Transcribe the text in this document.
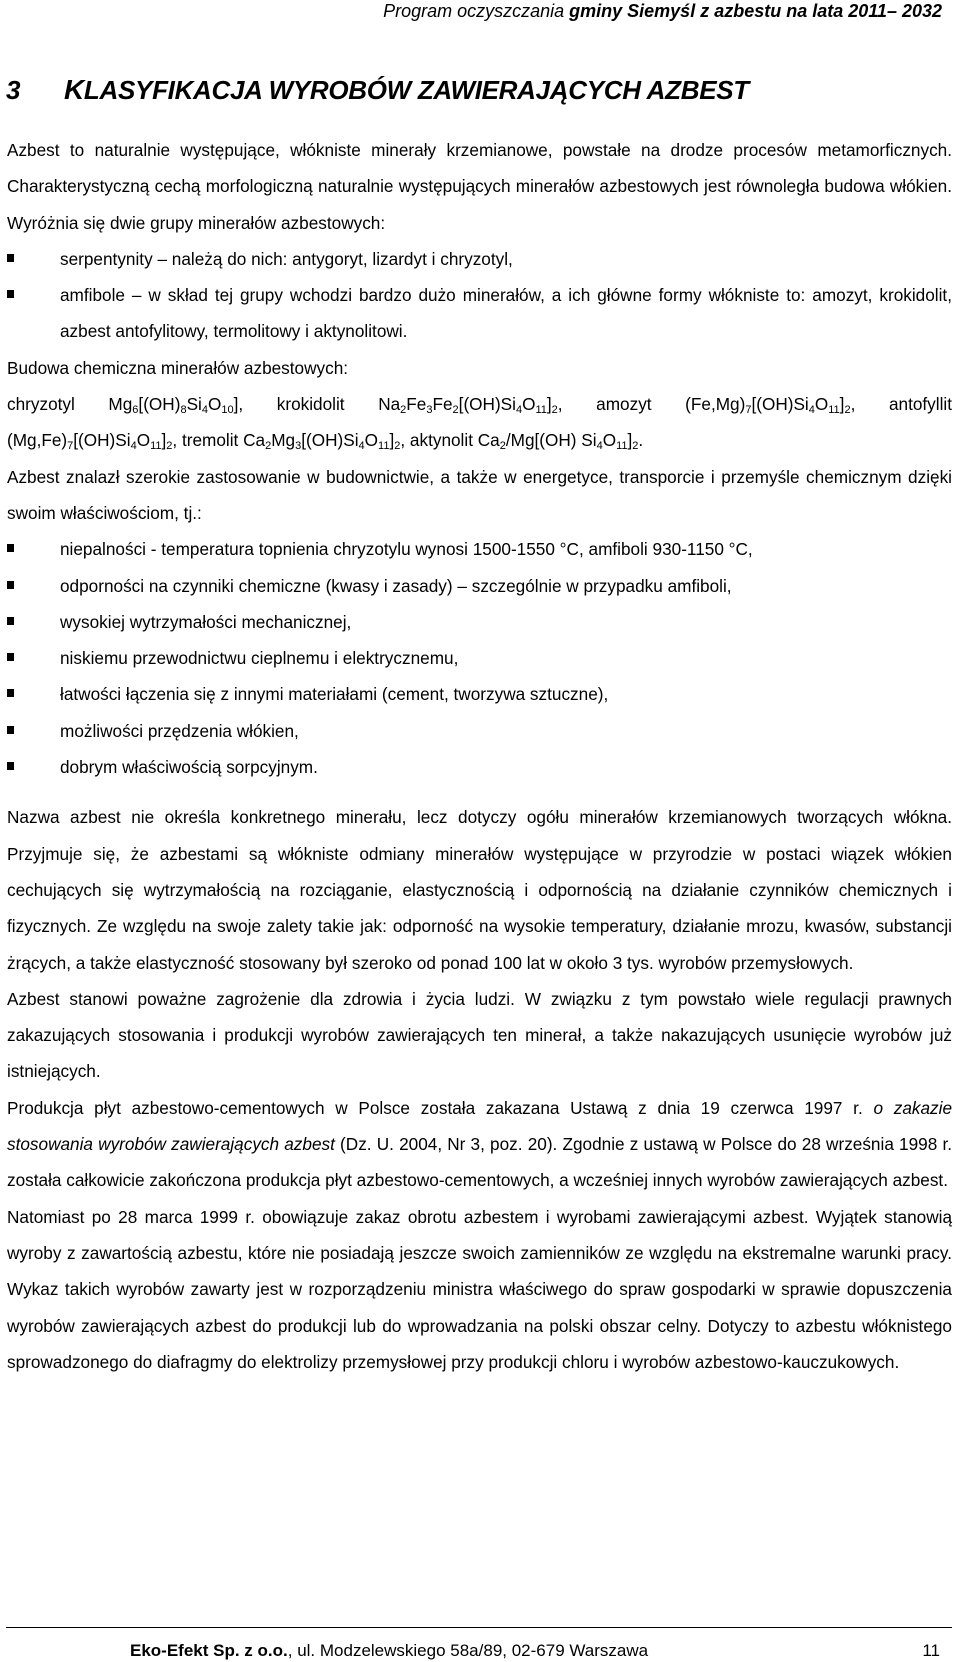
Program oczyszczania gminy Siemyśl z azbestu na lata 2011– 2032
3 KLASYFIKACJA WYROBÓW ZAWIERAJĄCYCH AZBEST

Azbest to naturalnie występujące, włókniste minerały krzemianowe, powstałe na drodze procesów metamorficznych. Charakterystyczną cechą morfologiczną naturalnie występujących minerałów azbestowych jest równoległa budowa włókien. Wyróżnia się dwie grupy minerałów azbestowych:

serpentynity – należą do nich: antygoryt, lizardyt i chryzotyl,
amfibole – w skład tej grupy wchodzi bardzo dużo minerałów, a ich główne formy włókniste to: amozyt, krokidolit, azbest antofylitowy, termolitowy i aktynolitowi.

Budowa chemiczna minerałów azbestowych:

chryzotyl $Mg_6[(OH)_8Si_4O_{10}]$, krokidolit $Na_2Fe_3Fe_2[(OH)Si_4O_{11}]_2$, amozyt $(Fe,Mg)_7[(OH)Si_4O_{11}]_2$, antofyllit $(Mg,Fe)_7[(OH)Si_4O_{11}]_2$, tremolit $Ca_2Mg_3[(OH)Si_4O_{11}]_2$, aktynolit $Ca_2/Mg[(OH)$ $Si_4O_{11}]_2$.

Azbest znalazł szerokie zastosowanie w budownictwie, a także w energetyce, transporcie i przemyśle chemicznym dzięki swoim właściwościom, tj.:

niepalności - temperatura topnienia chryzotylu wynosi 1500-1550 °C, amfiboli 930-1150 °C,
odporności na czynniki chemiczne (kwasy i zasady) – szczególnie w przypadku amfiboli,
wysokiej wytrzymałości mechanicznej,
niskiemu przewodnictwu cieplnemu i elektrycznemu,
łatwości łączenia się z innymi materiałami (cement, tworzywa sztuczne),
możliwości przędzenia włókien,
dobrym właściwością sorpcyjnym.

Nazwa azbest nie określa konkretnego minerału, lecz dotyczy ogółu minerałów krzemianowych tworzących włókna. Przyjmuje się, że azbestami są włókniste odmiany minerałów występujące w przyrodzie w postaci wiązek włókien cechujących się wytrzymałością na rozciąganie, elastycznością i odpornością na działanie czynników chemicznych i fizycznych. Ze względu na swoje zalety takie jak: odporność na wysokie temperatury, działanie mrozu, kwasów, substancji żrących, a także elastyczność stosowany był szeroko od ponad 100 lat w około 3 tys. wyrobów przemysłowych.

Azbest stanowi poważne zagrożenie dla zdrowia i życia ludzi. W związku z tym powstało wiele regulacji prawnych zakazujących stosowania i produkcji wyrobów zawierających ten minerał, a także nakazujących usunięcie wyrobów już istniejących.

Produkcja płyt azbestowo-cementowych w Polsce została zakazana Ustawą z dnia 19 czerwca 1997 r. o zakazie stosowania wyrobów zawierających azbest (Dz. U. 2004, Nr 3, poz. 20). Zgodnie z ustawą w Polsce do 28 września 1998 r. została całkowicie zakończona produkcja płyt azbestowo-cementowych, a wcześniej innych wyrobów zawierających azbest.

Natomiast po 28 marca 1999 r. obowiązuje zakaz obrotu azbestem i wyrobami zawierającymi azbest. Wyjątek stanowią wyroby z zawartością azbestu, które nie posiadają jeszcze swoich zamienników ze względu na ekstremalne warunki pracy. Wykaz takich wyrobów zawarty jest w rozporządzeniu ministra właściwego do spraw gospodarki w sprawie dopuszczenia wyrobów zawierających azbest do produkcji lub do wprowadzania na polski obszar celny. Dotyczy to azbestu włóknistego sprowadzonego do diafragmy do elektrolizy przemysłowej przy produkcji chloru i wyrobów azbestowo-kauczukowych.

Eko-Efekt Sp. z o.o., ul. Modzelewskiego 58a/89, 02-679 Warszawa	11
